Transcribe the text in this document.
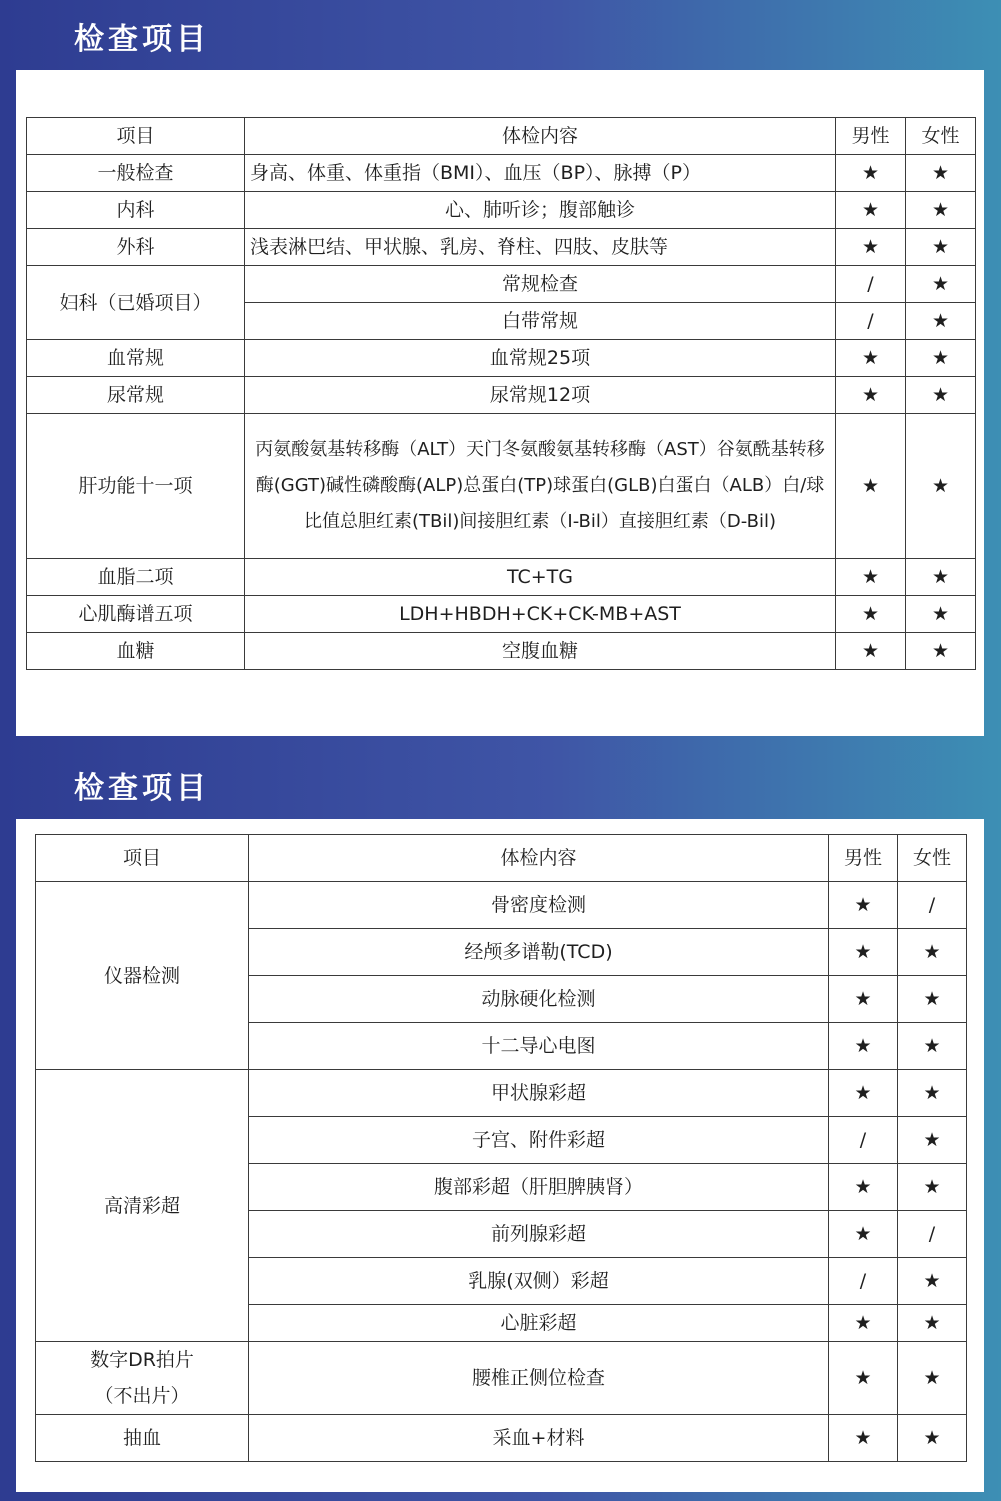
检查项目
项目	体检内容	男性	女性
一般检查	身高、体重、体重指（BMI）、血压（BP）、脉搏（P）	★	★
内科	心、肺听诊；腹部触诊	★	★
外科	浅表淋巴结、甲状腺、乳房、脊柱、四肢、皮肤等	★	★
妇科（已婚项目）	常规检查	/	★
	白带常规	/	★
血常规	血常规25项	★	★
尿常规	尿常规12项	★	★
肝功能十一项	丙氨酸氨基转移酶（ALT）天门冬氨酸氨基转移酶（AST）谷氨酰基转移酶(GGT)碱性磷酸酶(ALP)总蛋白(TP)球蛋白(GLB)白蛋白（ALB）白/球比值总胆红素(TBil)间接胆红素（I-Bil）直接胆红素（D-Bil)	★	★
血脂二项	TC+TG	★	★
心肌酶谱五项	LDH+HBDH+CK+CK-MB+AST	★	★
血糖	空腹血糖	★	★
检查项目
项目	体检内容	男性	女性
仪器检测	骨密度检测	★	/
	经颅多谱勒(TCD)	★	★
	动脉硬化检测	★	★
	十二导心电图	★	★
高清彩超	甲状腺彩超	★	★
	子宫、附件彩超	/	★
	腹部彩超（肝胆脾胰肾）	★	★
	前列腺彩超	★	/
	乳腺(双侧）彩超	/	★
	心脏彩超	★	★
数字DR拍片（不出片）	腰椎正侧位检查	★	★
抽血	采血+材料	★	★
